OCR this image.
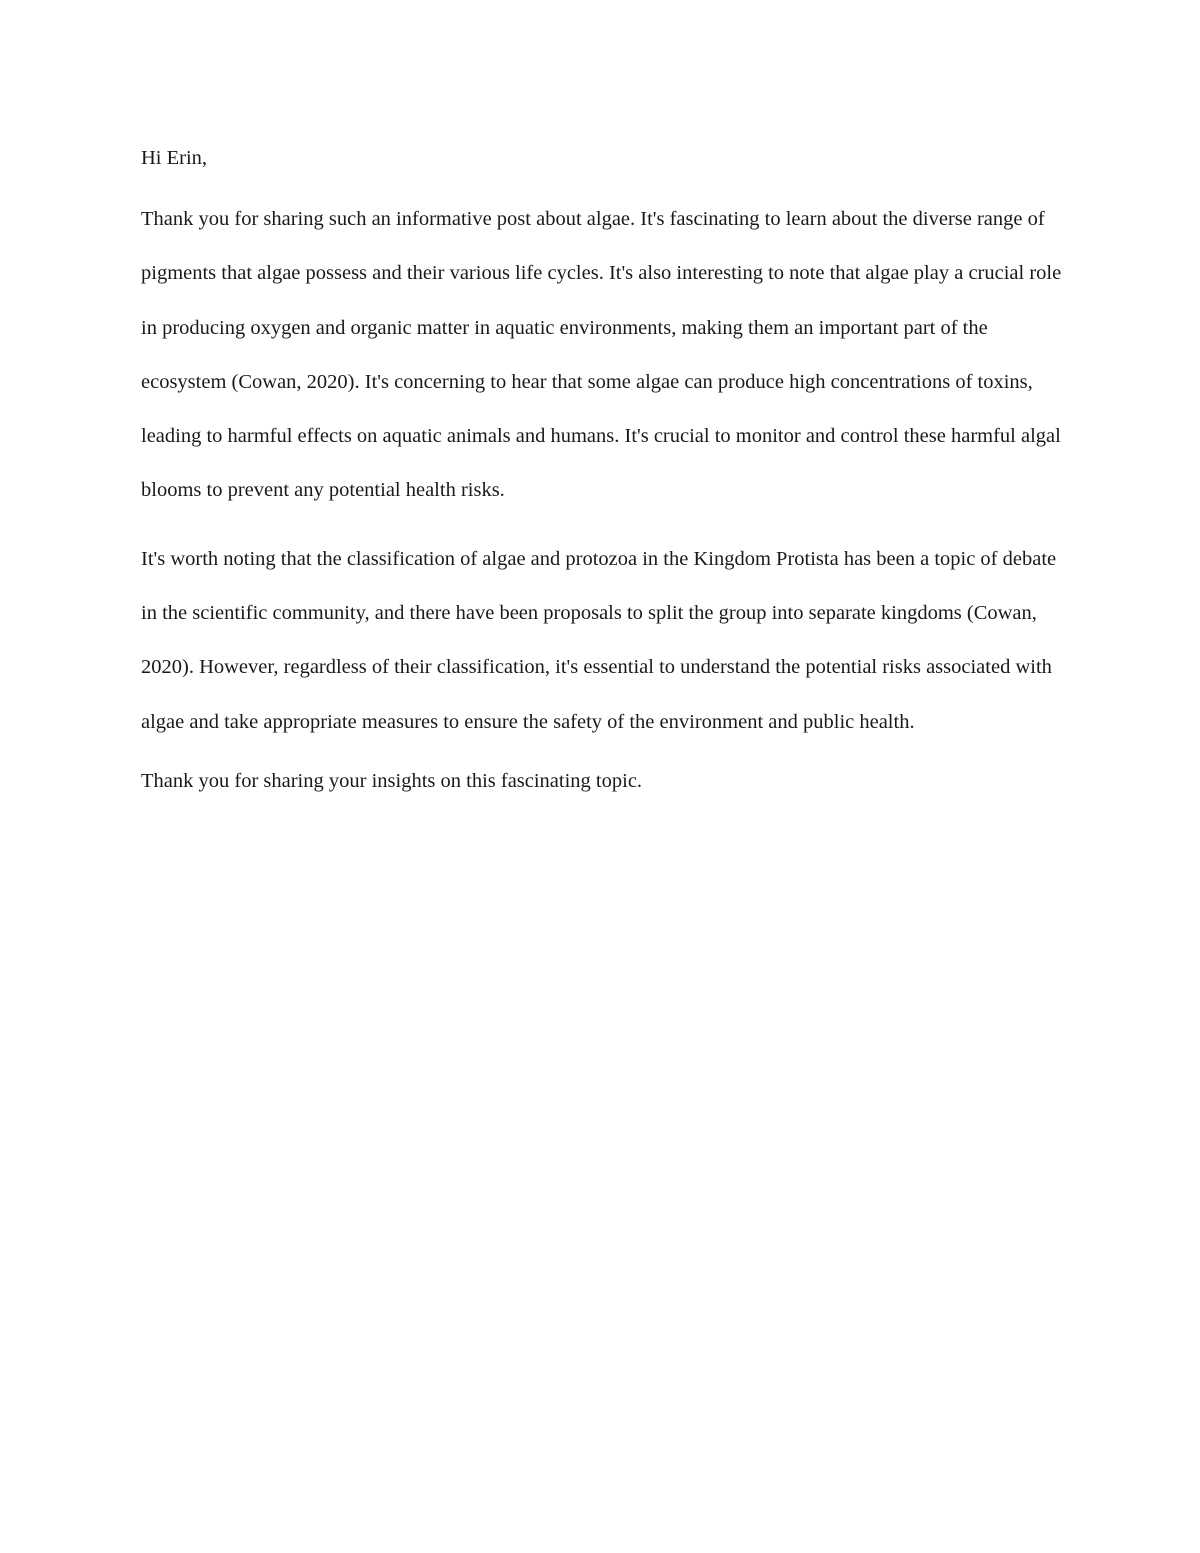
Hi Erin,

Thank you for sharing such an informative post about algae. It's fascinating to learn about the diverse range of pigments that algae possess and their various life cycles. It's also interesting to note that algae play a crucial role in producing oxygen and organic matter in aquatic environments, making them an important part of the ecosystem (Cowan, 2020). It's concerning to hear that some algae can produce high concentrations of toxins, leading to harmful effects on aquatic animals and humans. It's crucial to monitor and control these harmful algal blooms to prevent any potential health risks.

It's worth noting that the classification of algae and protozoa in the Kingdom Protista has been a topic of debate in the scientific community, and there have been proposals to split the group into separate kingdoms (Cowan, 2020). However, regardless of their classification, it's essential to understand the potential risks associated with algae and take appropriate measures to ensure the safety of the environment and public health.

Thank you for sharing your insights on this fascinating topic.
